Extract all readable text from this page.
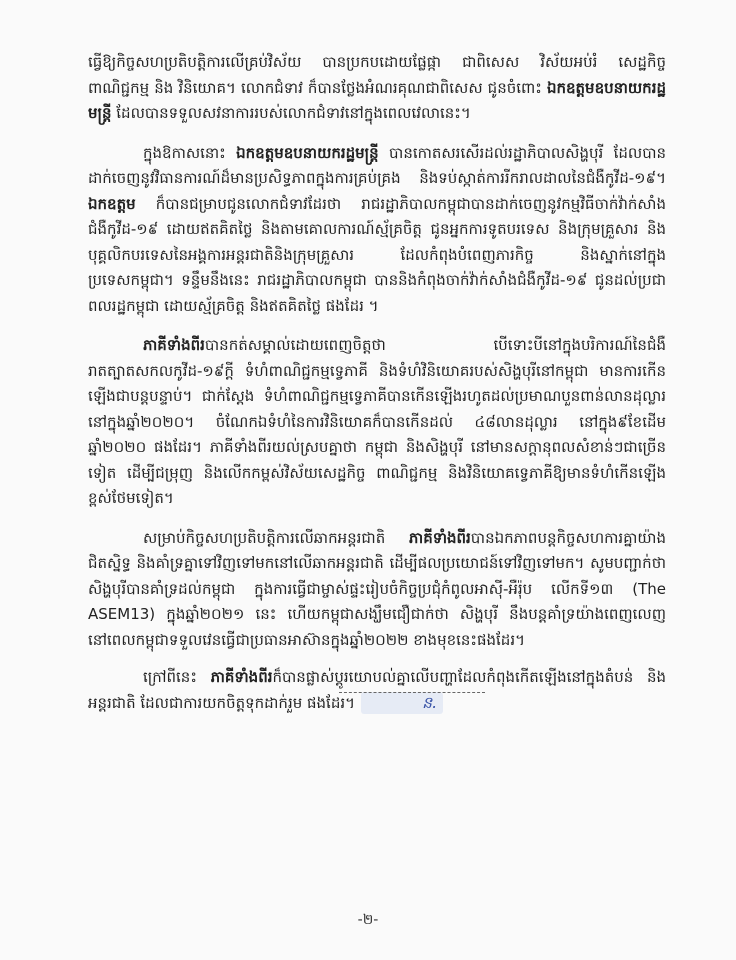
ធ្វើឱ្យកិច្ចសហប្រតិបត្តិការលើគ្រប់វិស័យ បានប្រកបដោយផ្លែផ្កា ជាពិសេស វិស័យអប់រំ សេដ្ឋកិច្ច ពាណិជ្ជកម្ម និង វិនិយោគ។ លោកជំទាវ ក៏បានថ្លែងអំណរគុណជាពិសេស ជូនចំពោះ ឯកឧត្តមឧបនាយករដ្ឋមន្ត្រី ដែលបានទទួលសវនាការរបស់លោកជំទាវនៅក្នុងពេលវេលានេះ។

ក្នុងឱកាសនោះ ឯកឧត្តមឧបនាយករដ្ឋមន្ត្រី បានកោតសរសើរដល់រដ្ឋាភិបាលសិង្ហបុរី ដែលបានដាក់ចេញនូវវិធានការណ៍ដ៏មានប្រសិទ្ធភាពក្នុងការគ្រប់គ្រង និងទប់ស្កាត់ការរីករាលដាលនៃជំងឺកូវីដ-១៩។ ឯកឧត្តម ក៏បានជម្រាបជូនលោកជំទាវដែរថា រាជរដ្ឋាភិបាលកម្ពុជាបានដាក់ចេញនូវកម្មវិធីចាក់វ៉ាក់សាំងជំងឺកូវីដ-១៩ ដោយឥតគិតថ្លៃ និងតាមគោលការណ៍ស្ម័គ្រចិត្ត ជូនអ្នកការទូតបរទេស និងក្រុមគ្រួសារ និងបុគ្គលិកបរទេសនៃអង្គការអន្តរជាតិនិងក្រុមគ្រួសារ ដែលកំពុងបំពេញភារកិច្ច និងស្នាក់នៅក្នុងប្រទេសកម្ពុជា។ ទន្ទឹមនឹងនេះ រាជរដ្ឋាភិបាលកម្ពុជា បាននិងកំពុងចាក់វ៉ាក់សាំងជំងឺកូវីដ-១៩ ជូនដល់ប្រជាពលរដ្ឋកម្ពុជា ដោយស្ម័គ្រចិត្ត និងឥតគិតថ្លៃ ផងដែរ ។

ភាគីទាំងពីរបានកត់សម្គាល់ដោយពេញចិត្តថា បើទោះបីនៅក្នុងបរិការណ៍នៃជំងឺរាតត្បាតសកលកូវីដ-១៩ក្តី ទំហំពាណិជ្ជកម្មទ្វេភាគី និងទំហំវិនិយោគរបស់សិង្ហបុរីនៅកម្ពុជា មានការកើនឡើងជាបន្តបន្ទាប់។ ជាក់ស្តែង ទំហំពាណិជ្ជកម្មទ្វេភាគីបានកើនឡើងរហូតដល់ប្រមាណបួនពាន់លានដុល្លារ នៅក្នុងឆ្នាំ២០២០។ ចំណែកឯទំហំនៃការវិនិយោគក៏បានកើនដល់ ៤៨លានដុល្លារ នៅក្នុង៩ខែដើមឆ្នាំ២០២០ ផងដែរ។ ភាគីទាំងពីរយល់ស្របគ្នាថា កម្ពុជា និងសិង្ហបុរី នៅមានសក្តានុពលសំខាន់ៗជាច្រើនទៀត ដើម្បីជម្រុញ និងលើកកម្ពស់វិស័យសេដ្ឋកិច្ច ពាណិជ្ជកម្ម និងវិនិយោគទ្វេភាគីឱ្យមានទំហំកើនឡើងខ្ពស់ថែមទៀត។

សម្រាប់កិច្ចសហប្រតិបត្តិការលើឆាកអន្តរជាតិ ភាគីទាំងពីរបានឯកភាពបន្តកិច្ចសហការគ្នាយ៉ាងជិតស្និទ្ធ និងគាំទ្រគ្នាទៅវិញទៅមកនៅលើឆាកអន្តរជាតិ ដើម្បីផលប្រយោជន៍ទៅវិញទៅមក។ សូមបញ្ជាក់ថា សិង្ហបុរីបានគាំទ្រដល់កម្ពុជា ក្នុងការធ្វើជាម្ចាស់ផ្ទះរៀបចំកិច្ចប្រជុំកំពូលអាស៊ី-អឺរ៉ុប លើកទី១៣ (The ASEM13) ក្នុងឆ្នាំ២០២១ នេះ ហើយកម្ពុជាសង្ឃឹមជឿជាក់ថា សិង្ហបុរី នឹងបន្តគាំទ្រយ៉ាងពេញលេញ នៅពេលកម្ពុជាទទួលវេនធ្វើជាប្រធានអាស៊ានក្នុងឆ្នាំ២០២២ ខាងមុខនេះផងដែរ។

ក្រៅពីនេះ ភាគីទាំងពីរក៏បានផ្លាស់ប្តូរយោបល់គ្នាលើបញ្ហាដែលកំពុងកើតឡើងនៅក្នុងតំបន់ និងអន្តរជាតិ ដែលជាការយកចិត្តទុកដាក់រួម ផងដែរ។	ន.

-២-
